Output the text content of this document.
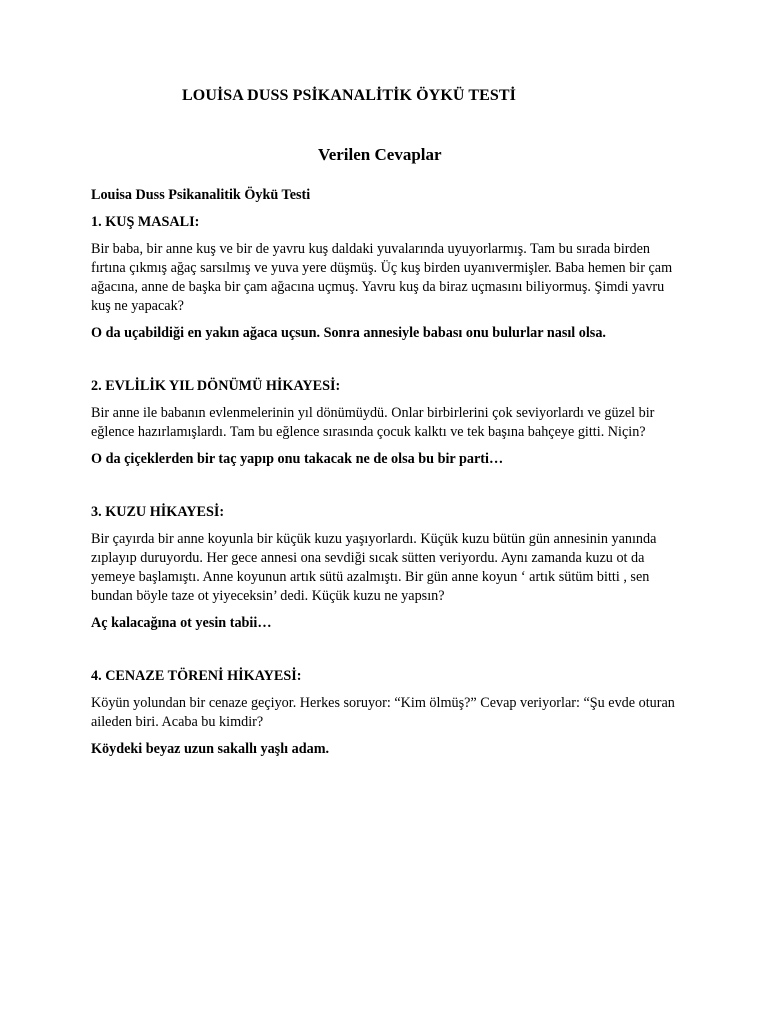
LOUİSA DUSS PSİKANALİTİK ÖYKÜ TESTİ
Verilen Cevaplar

Louisa Duss Psikanalitik Öykü Testi

1. KUŞ MASALI:

Bir baba, bir anne kuş ve bir de yavru kuş daldaki yuvalarında uyuyorlarmış. Tam bu sırada birden fırtına çıkmış ağaç sarsılmış ve yuva yere düşmüş. Üç kuş birden uyanıvermişler. Baba hemen bir çam ağacına, anne de başka bir çam ağacına uçmuş. Yavru kuş da biraz uçmasını biliyormuş. Şimdi yavru kuş ne yapacak?

O da uçabildiği en yakın ağaca uçsun. Sonra annesiyle babası onu bulurlar nasıl olsa.

2. EVLİLİK YIL DÖNÜMÜ HİKAYESİ:

Bir anne ile babanın evlenmelerinin yıl dönümüydü. Onlar birbirlerini çok seviyorlardı ve güzel bir eğlence hazırlamışlardı. Tam bu eğlence sırasında çocuk kalktı ve tek başına bahçeye gitti. Niçin?

O da çiçeklerden bir taç yapıp onu takacak ne de olsa bu bir parti…

3. KUZU HİKAYESİ:

Bir çayırda bir anne koyunla bir küçük kuzu yaşıyorlardı. Küçük kuzu bütün gün annesinin yanında zıplayıp duruyordu. Her gece annesi ona sevdiği sıcak sütten veriyordu. Aynı zamanda kuzu ot da yemeye başlamıştı. Anne koyunun artık sütü azalmıştı. Bir gün anne koyun ‘ artık sütüm bitti , sen bundan böyle taze ot yiyeceksin’ dedi. Küçük kuzu ne yapsın?

Aç kalacağına ot yesin tabii…

4. CENAZE TÖRENİ HİKAYESİ:

Köyün yolundan bir cenaze geçiyor. Herkes soruyor: “Kim ölmüş?” Cevap veriyorlar: “Şu evde oturan aileden biri. Acaba bu kimdir?

Köydeki beyaz uzun sakallı yaşlı adam.
